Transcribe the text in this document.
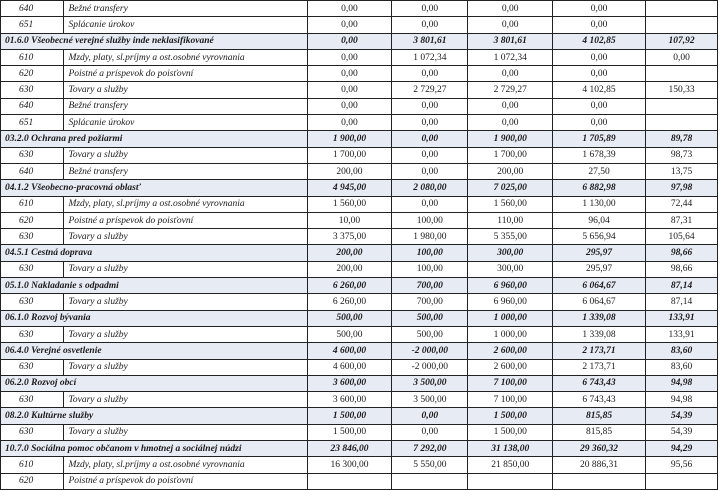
640	Bežné transfery	0,00	0,00	0,00	0,00	
651	Splácanie úrokov	0,00	0,00	0,00	0,00	
01.6.0 Všeobecné verejné služby inde neklasifikované		0,00	3 801,61	3 801,61	4 102,85	107,92
610	Mzdy, platy, sl.príjmy a ost.osobné vyrovnania	0,00	1 072,34	1 072,34	0,00	0,00
620	Poistné a príspevok do poisťovní	0,00	0,00	0,00	0,00	
630	Tovary a služby	0,00	2 729,27	2 729,27	4 102,85	150,33
640	Bežné transfery	0,00	0,00	0,00	0,00	
651	Splácanie úrokov	0,00	0,00	0,00	0,00	
03.2.0 Ochrana pred požiarmi		1 900,00	0,00	1 900,00	1 705,89	89,78
630	Tovary a služby	1 700,00	0,00	1 700,00	1 678,39	98,73
640	Bežné transfery	200,00	0,00	200,00	27,50	13,75
04.1.2 Všeobecno-pracovná oblasť		4 945,00	2 080,00	7 025,00	6 882,98	97,98
610	Mzdy, platy, sl.príjmy a ost.osobné vyrovnania	1 560,00	0,00	1 560,00	1 130,00	72,44
620	Poistné a príspevok do poisťovní	10,00	100,00	110,00	96,04	87,31
630	Tovary a služby	3 375,00	1 980,00	5 355,00	5 656,94	105,64
04.5.1 Cestná doprava		200,00	100,00	300,00	295,97	98,66
630	Tovary a služby	200,00	100,00	300,00	295,97	98,66
05.1.0 Nakladanie s odpadmi		6 260,00	700,00	6 960,00	6 064,67	87,14
630	Tovary a služby	6 260,00	700,00	6 960,00	6 064,67	87,14
06.1.0 Rozvoj bývania		500,00	500,00	1 000,00	1 339,08	133,91
630	Tovary a služby	500,00	500,00	1 000,00	1 339,08	133,91
06.4.0 Verejné osvetlenie		4 600,00	-2 000,00	2 600,00	2 173,71	83,60
630	Tovary a služby	4 600,00	-2 000,00	2 600,00	2 173,71	83,60
06.2.0 Rozvoj obcí		3 600,00	3 500,00	7 100,00	6 743,43	94,98
630	Tovary a služby	3 600,00	3 500,00	7 100,00	6 743,43	94,98
08.2.0 Kultúrne služby		1 500,00	0,00	1 500,00	815,85	54,39
630	Tovary a služby	1 500,00	0,00	1 500,00	815,85	54,39
10.7.0 Sociálna pomoc občanom v hmotnej a sociálnej núdzi		23 846,00	7 292,00	31 138,00	29 360,32	94,29
610	Mzdy, platy, sl.príjmy a ost.osobné vyrovnania	16 300,00	5 550,00	21 850,00	20 886,31	95,56
620	Poistné a príspevok do poisťovní					
